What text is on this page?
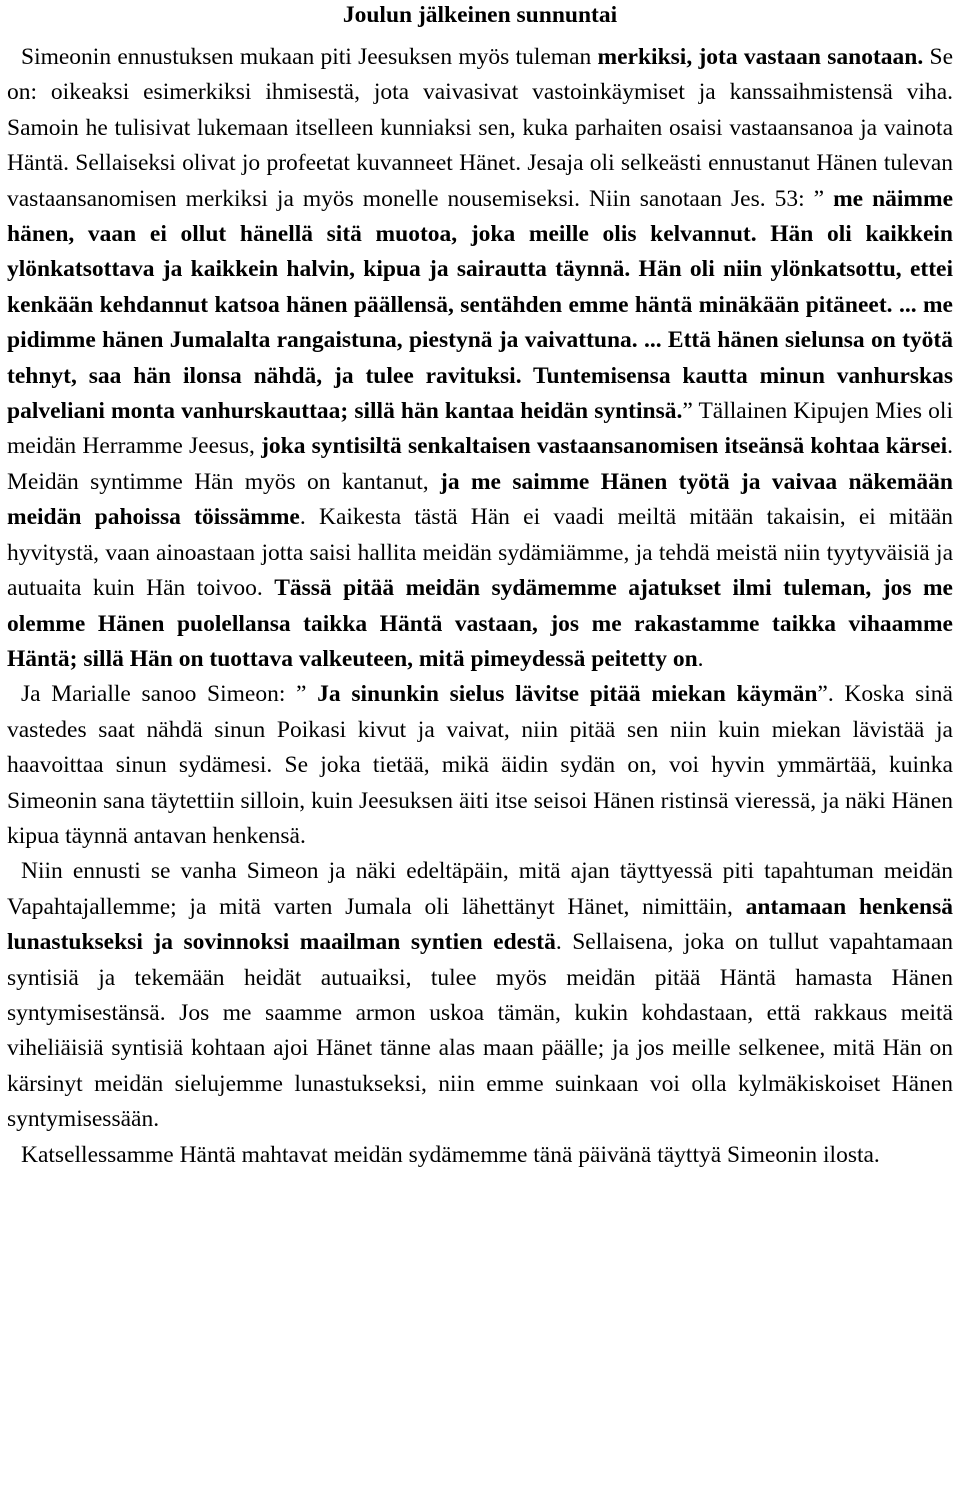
Joulun jälkeinen sunnuntai

Simeonin ennustuksen mukaan piti Jeesuksen myös tuleman merkiksi, jota vastaan sanotaan. Se on: oikeaksi esimerkiksi ihmisestä, jota vaivasivat vastoinkäymiset ja kanssaihmistensä viha. Samoin he tulisivat lukemaan itselleen kunniaksi sen, kuka parhaiten osaisi vastaansanoa ja vainota Häntä. Sellaiseksi olivat jo profeetat kuvanneet Hänet. Jesaja oli selkeästi ennustanut Hänen tulevan vastaansanomisen merkiksi ja myös monelle nousemiseksi. Niin sanotaan Jes. 53: ” me näimme hänen, vaan ei ollut hänellä sitä muotoa, joka meille olis kelvannut. Hän oli kaikkein ylönkatsottava ja kaikkein halvin, kipua ja sairautta täynnä. Hän oli niin ylönkatsottu, ettei kenkään kehdannut katsoa hänen päällensä, sentähden emme häntä minäkään pitäneet. ... me pidimme hänen Jumalalta rangaistuna, piestynä ja vaivattuna. ... Että hänen sielunsa on työtä tehnyt, saa hän ilonsa nähdä, ja tulee ravituksi. Tuntemisensa kautta minun vanhurskas palveliani monta vanhurskauttaa; sillä hän kantaa heidän syntinsä.” Tällainen Kipujen Mies oli meidän Herramme Jeesus, joka syntisiltä senkaltaisen vastaansanomisen itseänsä kohtaa kärsei. Meidän syntimme Hän myös on kantanut, ja me saimme Hänen työtä ja vaivaa näkemään meidän pahoissa töissämme. Kaikesta tästä Hän ei vaadi meiltä mitään takaisin, ei mitään hyvitystä, vaan ainoastaan jotta saisi hallita meidän sydämiämme, ja tehdä meistä niin tyytyväisiä ja autuaita kuin Hän toivoo. Tässä pitää meidän sydämemme ajatukset ilmi tuleman, jos me olemme Hänen puolellansa taikka Häntä vastaan, jos me rakastamme taikka vihaamme Häntä; sillä Hän on tuottava valkeuteen, mitä pimeydessä peitetty on.

Ja Marialle sanoo Simeon: ” Ja sinunkin sielus lävitse pitää miekan käymän”. Koska sinä vastedes saat nähdä sinun Poikasi kivut ja vaivat, niin pitää sen niin kuin miekan lävistää ja haavoittaa sinun sydämesi. Se joka tietää, mikä äidin sydän on, voi hyvin ymmärtää, kuinka Simeonin sana täytettiin silloin, kuin Jeesuksen äiti itse seisoi Hänen ristinsä vieressä, ja näki Hänen kipua täynnä antavan henkensä.

Niin ennusti se vanha Simeon ja näki edeltäpäin, mitä ajan täyttyessä piti tapahtuman meidän Vapahtajallemme; ja mitä varten Jumala oli lähettänyt Hänet, nimittäin, antamaan henkensä lunastukseksi ja sovinnoksi maailman syntien edestä. Sellaisena, joka on tullut vapahtamaan syntisiä ja tekemään heidät autuaiksi, tulee myös meidän pitää Häntä hamasta Hänen syntymisestänsä. Jos me saamme armon uskoa tämän, kukin kohdastaan, että rakkaus meitä viheliäisiä syntisiä kohtaan ajoi Hänet tänne alas maan päälle; ja jos meille selkenee, mitä Hän on kärsinyt meidän sielujemme lunastukseksi, niin emme suinkaan voi olla kylmäkiskoiset Hänen syntymisessään.

Katsellessamme Häntä mahtavat meidän sydämemme tänä päivänä täyttyä Simeonin ilosta.
